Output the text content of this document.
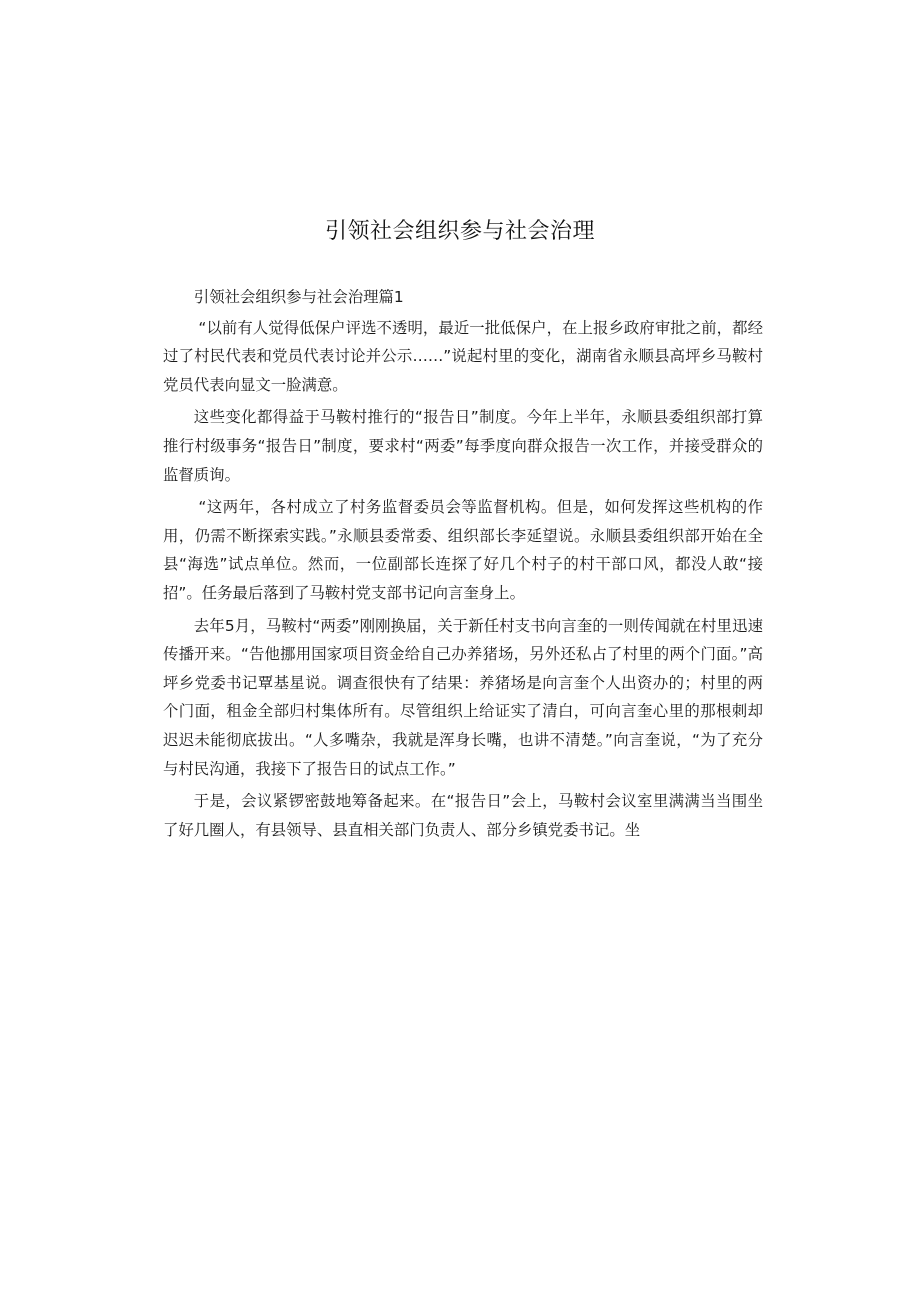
引领社会组织参与社会治理

引领社会组织参与社会治理篇1

“以前有人觉得低保户评选不透明，最近一批低保户，在上报乡政府审批之前，都经过了村民代表和党员代表讨论并公示……”说起村里的变化，湖南省永顺县高坪乡马鞍村党员代表向显文一脸满意。

这些变化都得益于马鞍村推行的“报告日”制度。今年上半年，永顺县委组织部打算推行村级事务“报告日”制度，要求村“两委”每季度向群众报告一次工作，并接受群众的监督质询。

“这两年，各村成立了村务监督委员会等监督机构。但是，如何发挥这些机构的作用，仍需不断探索实践。”永顺县委常委、组织部长李延望说。永顺县委组织部开始在全县“海选”试点单位。然而，一位副部长连探了好几个村子的村干部口风，都没人敢“接招”。任务最后落到了马鞍村党支部书记向言奎身上。

去年5月，马鞍村“两委”刚刚换届，关于新任村支书向言奎的一则传闻就在村里迅速传播开来。“告他挪用国家项目资金给自己办养猪场，另外还私占了村里的两个门面。”高坪乡党委书记覃基星说。调查很快有了结果：养猪场是向言奎个人出资办的；村里的两个门面，租金全部归村集体所有。尽管组织上给证实了清白，可向言奎心里的那根刺却迟迟未能彻底拔出。“人多嘴杂，我就是浑身长嘴，也讲不清楚。”向言奎说，“为了充分与村民沟通，我接下了报告日的试点工作。”

于是，会议紧锣密鼓地筹备起来。在“报告日”会上，马鞍村会议室里满满当当围坐了好几圈人，有县领导、县直相关部门负责人、部分乡镇党委书记。坐
